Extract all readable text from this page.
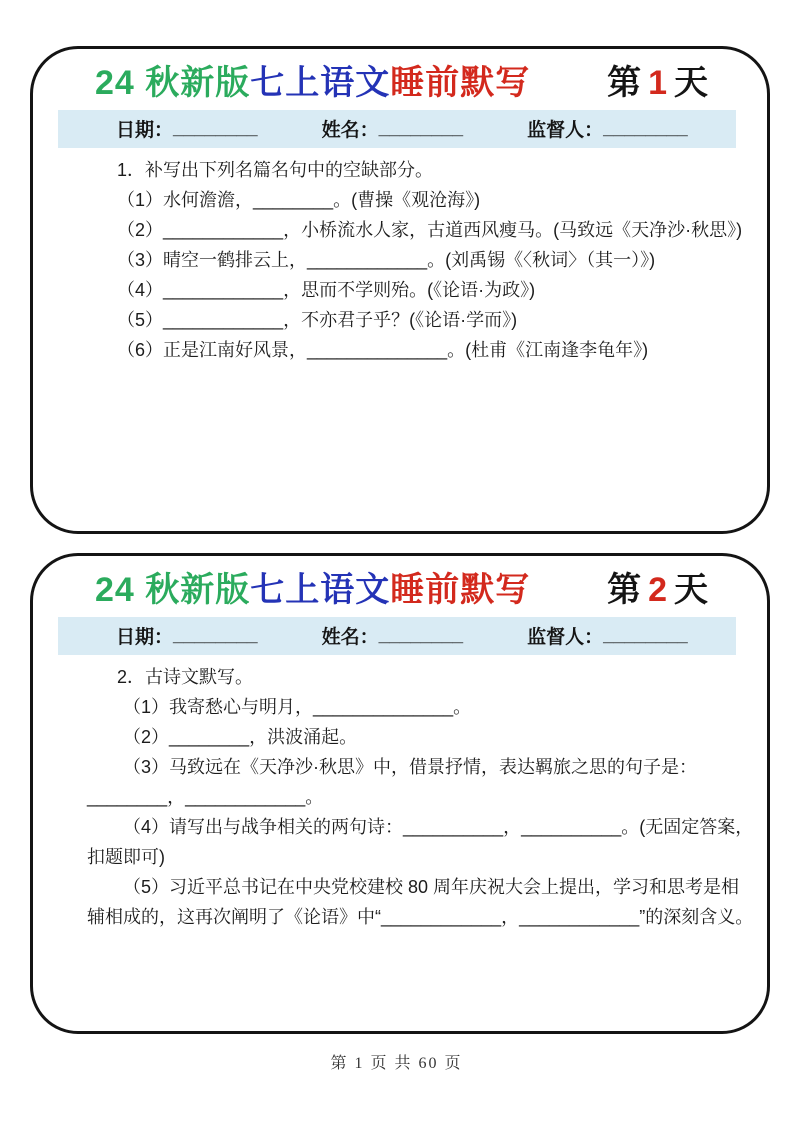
24 秋新版七上语文睡前默写 第 1 天
日期： ________	姓名： ________	监督人： ________

1．补写出下列名篇名句中的空缺部分。

（1）水何澹澹，________。(曹操《观沧海》)

（2）____________，小桥流水人家，古道西风瘦马。(马致远《天净沙·秋思》)

（3）晴空一鹤排云上，____________。(刘禹锡《〈秋词〉（其一）》)

（4）____________，思而不学则殆。(《论语·为政》)

（5）____________，不亦君子乎？(《论语·学而》)

（6）正是江南好风景，______________。(杜甫《江南逢李龟年》)

24 秋新版七上语文睡前默写 第 2 天
日期： ________	姓名： ________	监督人： ________

2．古诗文默写。

（1）我寄愁心与明月，______________。

（2）________，洪波涌起。

（3）马致远在《天净沙·秋思》中，借景抒情，表达羁旅之思的句子是：________，____________。

（4）请写出与战争相关的两句诗：__________，__________。(无固定答案，扣题即可)

（5）习近平总书记在中央党校建校 80 周年庆祝大会上提出，学习和思考是相辅相成的，这再次阐明了《论语》中“____________，____________”的深刻含义。

第 1 页 共 60 页
